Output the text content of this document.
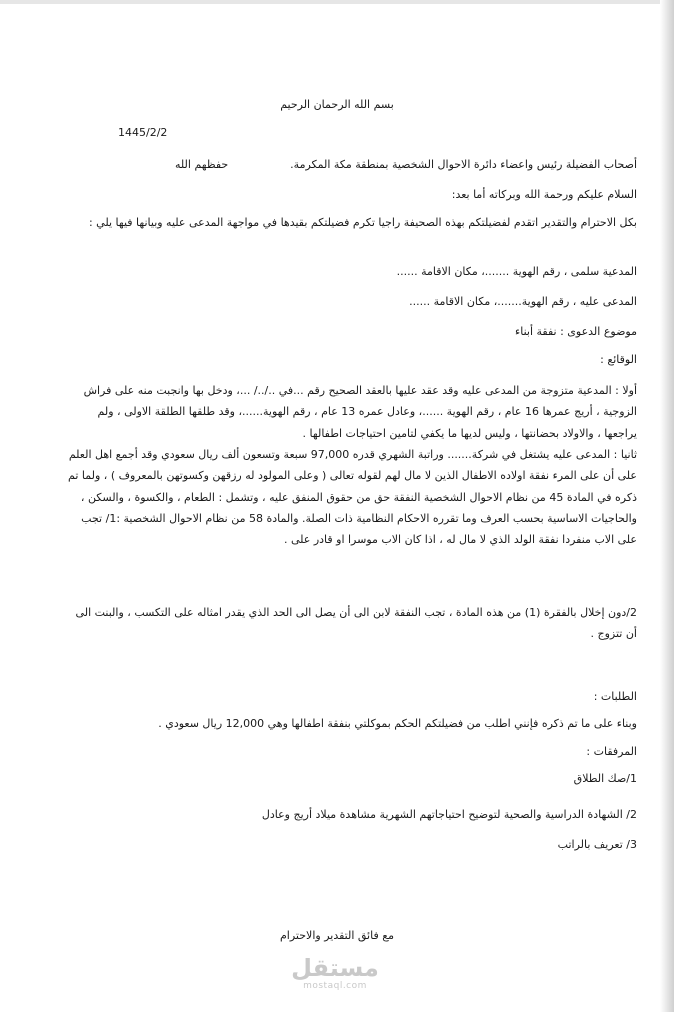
بسم الله الرحمان الرحيم
1445/2/2
أصحاب الفضيلة رئيس واعضاء دائرة الاحوال الشخصية بمنطقة مكة المكرمة.
حفظهم الله
السلام عليكم ورحمة الله وبركاته أما بعد:
بكل الاحترام والتقدير اتقدم لفضيلتكم بهذه الصحيفة راجيا تكرم فضيلتكم بقيدها في مواجهة المدعى عليه وبيانها فيها يلي :
المدعية سلمى ، رقم الهوية .......، مكان الاقامة ......
المدعى عليه ، رقم الهوية.......، مكان الاقامة ......
موضوع الدعوى : نفقة أبناء
الوقائع :
أولا : المدعية متزوجة من المدعى عليه وقد عقد عليها بالعقد الصحيح رقم ...في ../../ ...، ودخل بها وانجبت منه على فراش الزوجية ، أريج عمرها 16 عام ، رقم الهوية ......، وعادل عمره 13 عام ، رقم الهوية......، وقد طلقها الطلقة الاولى ، ولم يراجعها ، والاولاد بحضانتها ، وليس لديها ما يكفي لتامين احتياجات اطفالها .
ثانيا : المدعى عليه يشتغل في شركة....... وراتبة الشهري قدره 97,000 سبعة وتسعون ألف ريال سعودي وقد أجمع اهل العلم على أن على المرء نفقة اولاده الاطفال الذين لا مال لهم لقوله تعالى ( وعلى المولود له رزقهن وكسوتهن بالمعروف ) ، ولما تم ذكره في المادة 45 من نظام الاحوال الشخصية النفقة حق من حقوق المنفق عليه ، وتشمل : الطعام ، والكسوة ، والسكن ، والحاجيات الاساسية بحسب العرف وما تقرره الاحكام النظامية ذات الصلة. والمادة 58 من نظام الاحوال الشخصية :1/ تجب على الاب منفردا نفقة الولد الذي لا مال له ، اذا كان الاب موسرا او قادر على .
2/دون إخلال بالفقرة (1) من هذه المادة ، تجب النفقة لابن الى أن يصل الى الحد الذي يقدر امثاله على التكسب ، والبنت الى أن تتزوج .
الطلبات :
وبناء على ما تم ذكره فإنني اطلب من فضيلتكم الحكم بموكلتي بنفقة اطفالها وهي 12,000 ريال سعودي .
المرفقات :
1/صك الطلاق
2/ الشهادة الدراسية والصحية لتوضيح احتياجاتهم الشهرية مشاهدة ميلاد أريج وعادل
3/ تعريف بالراتب
مع فائق التقدير والاحترام
مستقل
mostaql.com
